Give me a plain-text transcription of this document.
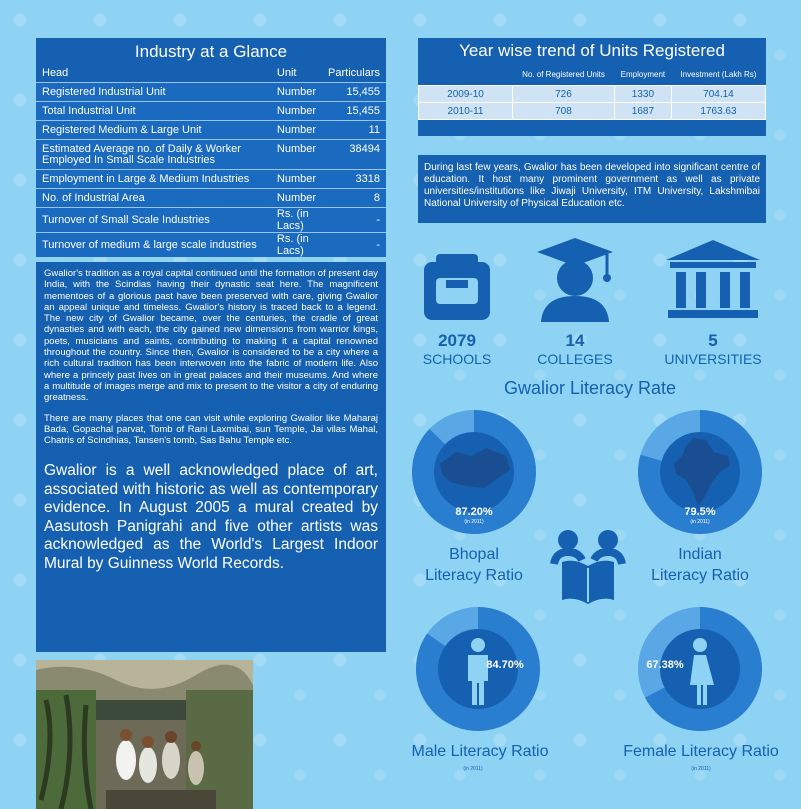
Industry at a Glance
Head	Unit	Particulars
Registered Industrial Unit	Number	15,455
Total Industrial Unit	Number	15,455
Registered Medium & Large Unit	Number	11
Estimated Average no. of Daily & Worker Employed In Small Scale Industries	Number	38494
Employment in Large & Medium Industries	Number	3318
No. of Industrial Area	Number	8
Turnover of Small Scale Industries	Rs. (in Lacs)	-
Turnover of medium & large scale industries	Rs. (in Lacs)	-
Year wise trend of Units Registered
	No. of Registered Units	Employment	Investment (Lakh Rs)
2009-10	726	1330	704.14
2010-11	708	1687	1763.63
Source:- DTIC, Gwalior
During last few years, Gwalior has been developed into significant centre of education. It host many prominent government as well as private universities/institutions like Jiwaji University, ITM University, Lakshmibai National University of Physical Education etc.

Gwalior's tradition as a royal capital continued until the formation of present day India, with the Scindias having their dynastic seat here. The magnificent mementoes of a glorious past have been preserved with care, giving Gwalior an appeal unique and timeless. Gwalior's history is traced back to a legend. The new city of Gwalior became, over the centuries, the cradle of great dynasties and with each, the city gained new dimensions from warrior kings, poets, musicians and saints, contributing to making it a capital renowned throughout the country. Since then, Gwalior is considered to be a city where a rich cultural tradition has been interwoven into the fabric of modern life. Also where a princely past lives on in great palaces and their museums. And where a multitude of images merge and mix to present to the visitor a city of enduring greatness.

There are many places that one can visit while exploring Gwalior like Maharaj Bada, Gopachal parvat, Tomb of Rani Laxmibai, sun Temple, Jai vilas Mahal, Chatris of Scindhias, Tansen's tomb, Sas Bahu Temple etc.

Gwalior is a well acknowledged place of art, associated with historic as well as contemporary evidence. In August 2005 a mural created by Aasutosh Panigrahi and five other artists was acknowledged as the World's Largest Indoor Mural by Guinness World Records.

2079
SCHOOLS
14
COLLEGES
5
UNIVERSITIES
Gwalior Literacy Rate
87.20%
(in 2011)
Bhopal
Literacy Ratio
79.5%
(in 2011)
Indian
Literacy Ratio
84.70%
Male Literacy Ratio
(in 2011)
67.38%
Female Literacy Ratio
(in 2011)
